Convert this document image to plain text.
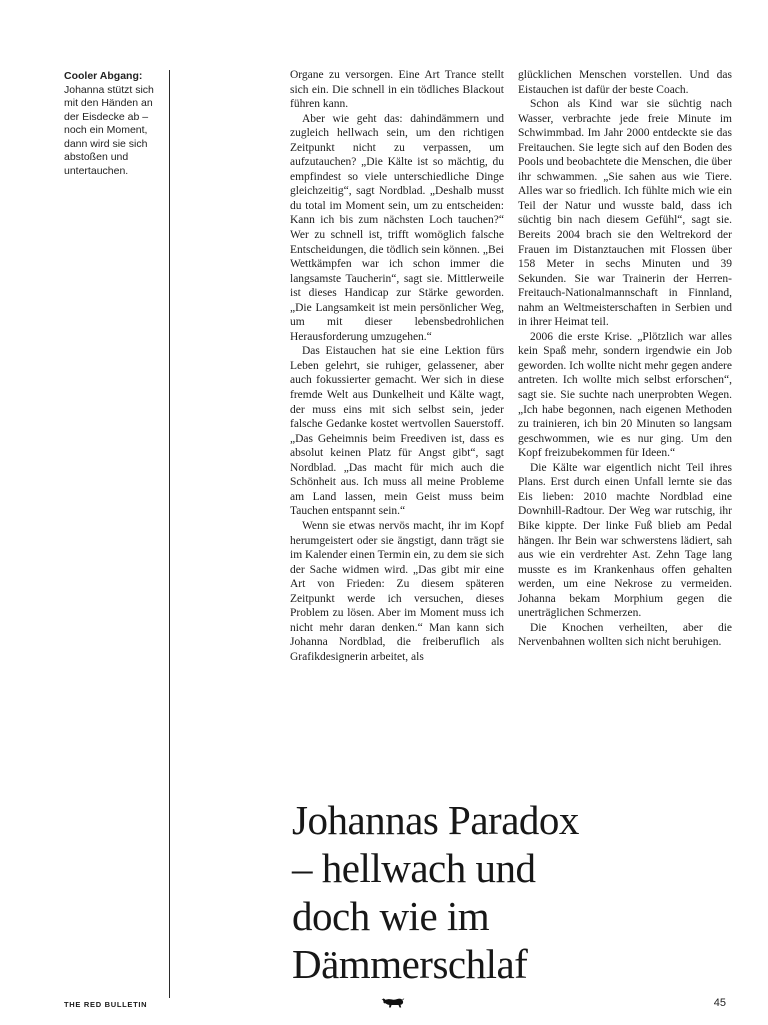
Cooler Abgang:

Johanna stützt sich mit den Händen an der Eisdecke ab – noch ein Moment, dann wird sie sich abstoßen und untertauchen.

Organe zu versorgen. Eine Art Trance stellt sich ein. Die schnell in ein tödliches Blackout führen kann.

Aber wie geht das: dahindämmern und zugleich hellwach sein, um den richtigen Zeitpunkt nicht zu verpassen, um aufzutauchen? „Die Kälte ist so mächtig, du empfindest so viele unterschiedliche Dinge gleichzeitig“, sagt Nordblad. „Deshalb musst du total im Moment sein, um zu entscheiden: Kann ich bis zum nächsten Loch tauchen?“ Wer zu schnell ist, trifft womöglich falsche Entscheidungen, die tödlich sein können. „Bei Wettkämpfen war ich schon immer die langsamste Taucherin“, sagt sie. Mittlerweile ist dieses Handicap zur Stärke geworden. „Die Langsamkeit ist mein persönlicher Weg, um mit dieser lebensbedrohlichen Herausforderung umzugehen.“

Das Eistauchen hat sie eine Lektion fürs Leben gelehrt, sie ruhiger, gelassener, aber auch fokussierter gemacht. Wer sich in diese fremde Welt aus Dunkelheit und Kälte wagt, der muss eins mit sich selbst sein, jeder falsche Gedanke kostet wertvollen Sauerstoff. „Das Geheimnis beim Freediven ist, dass es absolut keinen Platz für Angst gibt“, sagt Nordblad. „Das macht für mich auch die Schönheit aus. Ich muss all meine Probleme am Land lassen, mein Geist muss beim Tauchen entspannt sein.“

Wenn sie etwas nervös macht, ihr im Kopf herumgeistert oder sie ängstigt, dann trägt sie im Kalender einen Termin ein, zu dem sie sich der Sache widmen wird. „Das gibt mir eine Art von Frieden: Zu diesem späteren Zeitpunkt werde ich versuchen, dieses Problem zu lösen. Aber im Moment muss ich nicht mehr daran denken.“ Man kann sich Johanna Nordblad, die freiberuflich als Grafikdesignerin arbeitet, als

glücklichen Menschen vorstellen. Und das Eistauchen ist dafür der beste Coach.

Schon als Kind war sie süchtig nach Wasser, verbrachte jede freie Minute im Schwimmbad. Im Jahr 2000 entdeckte sie das Freitauchen. Sie legte sich auf den Boden des Pools und beobachtete die Menschen, die über ihr schwammen. „Sie sahen aus wie Tiere. Alles war so friedlich. Ich fühlte mich wie ein Teil der Natur und wusste bald, dass ich süchtig bin nach diesem Gefühl“, sagt sie. Bereits 2004 brach sie den Weltrekord der Frauen im Distanztauchen mit Flossen über 158 Meter in sechs Minuten und 39 Sekunden. Sie war Trainerin der Herren-Freitauch-Nationalmannschaft in Finnland, nahm an Weltmeisterschaften in Serbien und in ihrer Heimat teil.

2006 die erste Krise. „Plötzlich war alles kein Spaß mehr, sondern irgendwie ein Job geworden. Ich wollte nicht mehr gegen andere antreten. Ich wollte mich selbst erforschen“, sagt sie. Sie suchte nach unerprobten Wegen. „Ich habe begonnen, nach eigenen Methoden zu trainieren, ich bin 20 Minuten so langsam geschwommen, wie es nur ging. Um den Kopf freizubekommen für Ideen.“

Die Kälte war eigentlich nicht Teil ihres Plans. Erst durch einen Unfall lernte sie das Eis lieben: 2010 machte Nordblad eine Downhill-Radtour. Der Weg war rutschig, ihr Bike kippte. Der linke Fuß blieb am Pedal hängen. Ihr Bein war schwerstens lädiert, sah aus wie ein verdrehter Ast. Zehn Tage lang musste es im Krankenhaus offen gehalten werden, um eine Nekrose zu vermeiden. Johanna bekam Morphium gegen die unerträglichen Schmerzen.

Die Knochen verheilten, aber die Nervenbahnen wollten sich nicht beruhigen.

Johannas Paradox
– hellwach und
doch wie im
Dämmerschlaf
THE RED BULLETIN	45
